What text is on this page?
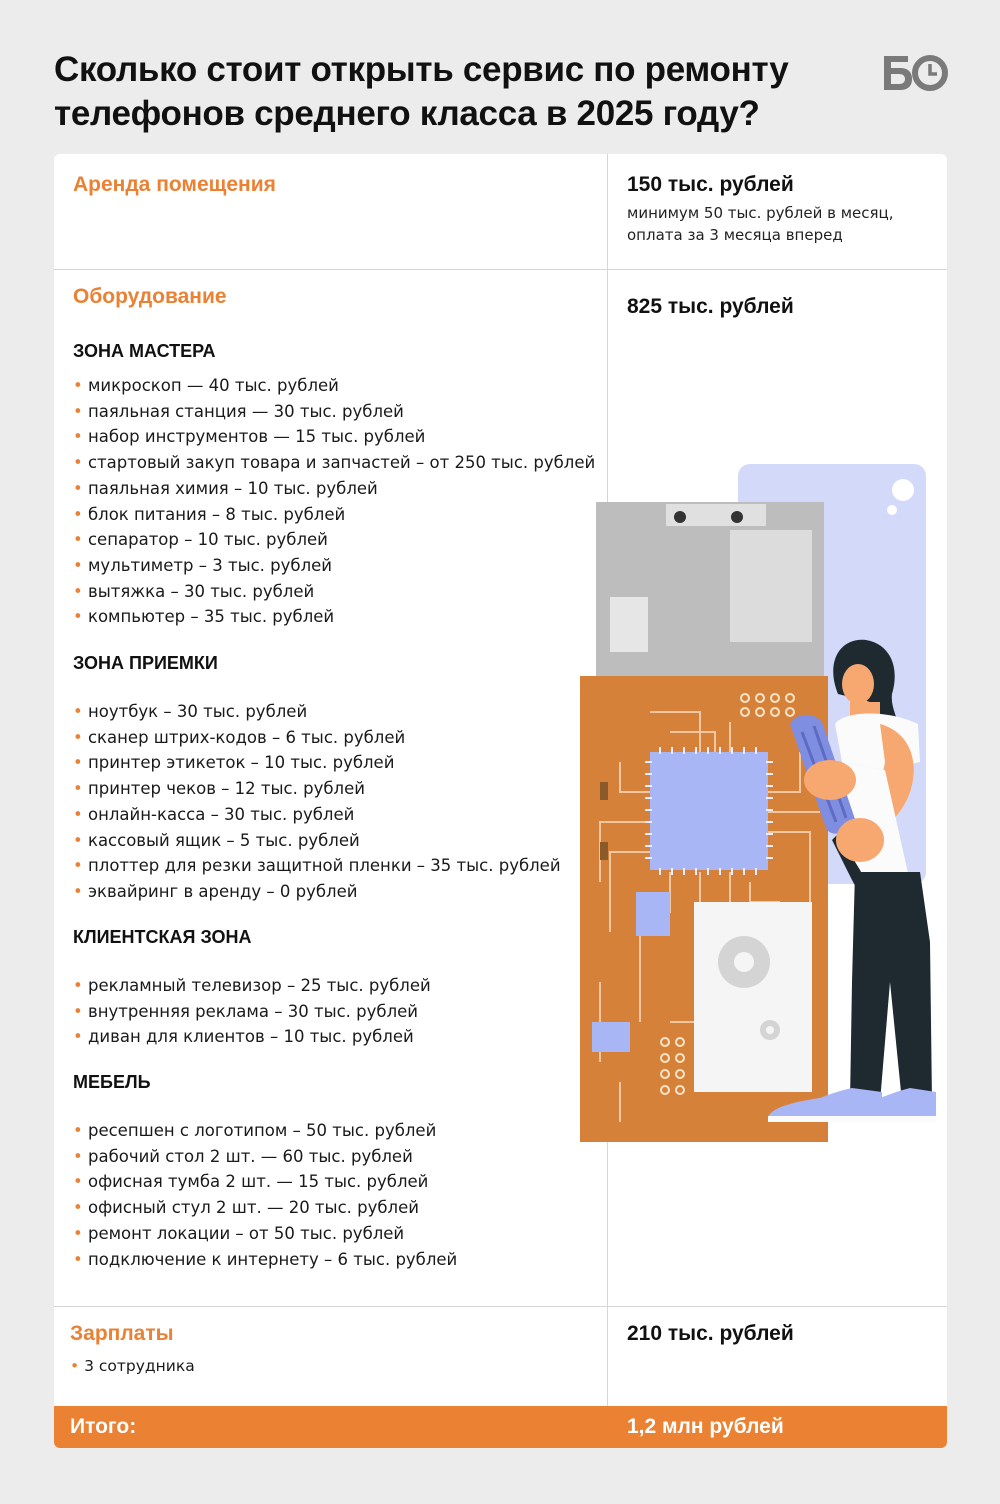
Сколько стоит открыть сервис по ремонту телефонов среднего класса в 2025 году?
Аренда помещения	150 тыс. рублей
минимум 50 тыс. рублей в месяц,
оплата за 3 месяца вперед
Оборудование	825 тыс. рублей
ЗОНА МАСТЕРА
• микроскоп — 40 тыс. рублей
• паяльная станция — 30 тыс. рублей
• набор инструментов — 15 тыс. рублей
• стартовый закуп товара и запчастей – от 250 тыс. рублей
• паяльная химия – 10 тыс. рублей
• блок питания – 8 тыс. рублей
• сепаратор – 10 тыс. рублей
• мультиметр – 3 тыс. рублей
• вытяжка – 30 тыс. рублей
• компьютер – 35 тыс. рублей
ЗОНА ПРИЕМКИ
• ноутбук – 30 тыс. рублей
• сканер штрих-кодов – 6 тыс. рублей
• принтер этикеток – 10 тыс. рублей
• принтер чеков – 12 тыс. рублей
• онлайн-касса – 30 тыс. рублей
• кассовый ящик – 5 тыс. рублей
• плоттер для резки защитной пленки – 35 тыс. рублей
• эквайринг в аренду – 0 рублей
КЛИЕНТСКАЯ ЗОНА
• рекламный телевизор – 25 тыс. рублей
• внутренняя реклама – 30 тыс. рублей
• диван для клиентов – 10 тыс. рублей
МЕБЕЛЬ
• ресепшен с логотипом – 50 тыс. рублей
• рабочий стол 2 шт. — 60 тыс. рублей
• офисная тумба 2 шт. — 15 тыс. рублей
• офисный стул 2 шт. — 20 тыс. рублей
• ремонт локации – от 50 тыс. рублей
• подключение к интернету – 6 тыс. рублей
Зарплаты	210 тыс. рублей
• 3 сотрудника
Итого:	1,2 млн рублей
